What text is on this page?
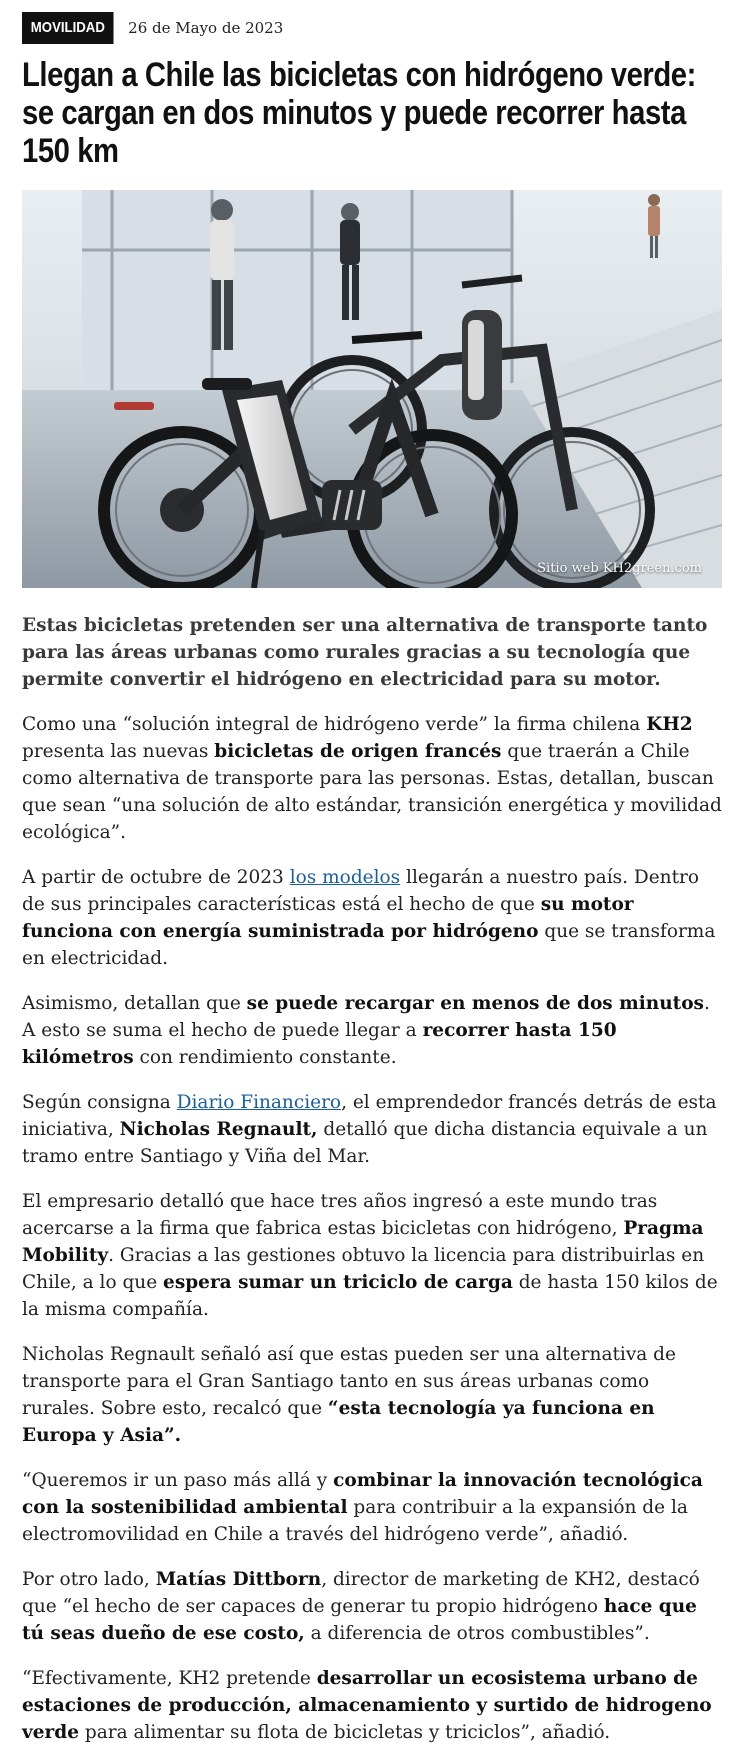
MOVILIDAD	26 de Mayo de 2023
Llegan a Chile las bicicletas con hidrógeno verde: se cargan en dos minutos y puede recorrer hasta 150 km
Sitio web KH2green.com

Estas bicicletas pretenden ser una alternativa de transporte tanto para las áreas urbanas como rurales gracias a su tecnología que permite convertir el hidrógeno en electricidad para su motor.

Como una “solución integral de hidrógeno verde” la firma chilena KH2 presenta las nuevas bicicletas de origen francés que traerán a Chile como alternativa de transporte para las personas. Estas, detallan, buscan que sean “una solución de alto estándar, transición energética y movilidad ecológica”.

A partir de octubre de 2023 los modelos llegarán a nuestro país. Dentro de sus principales características está el hecho de que su motor funciona con energía suministrada por hidrógeno que se transforma en electricidad.

Asimismo, detallan que se puede recargar en menos de dos minutos. A esto se suma el hecho de puede llegar a recorrer hasta 150 kilómetros con rendimiento constante.

Según consigna Diario Financiero, el emprendedor francés detrás de esta iniciativa, Nicholas Regnault, detalló que dicha distancia equivale a un tramo entre Santiago y Viña del Mar.

El empresario detalló que hace tres años ingresó a este mundo tras acercarse a la firma que fabrica estas bicicletas con hidrógeno, Pragma Mobility. Gracias a las gestiones obtuvo la licencia para distribuirlas en Chile, a lo que espera sumar un triciclo de carga de hasta 150 kilos de la misma compañía.

Nicholas Regnault señaló así que estas pueden ser una alternativa de transporte para el Gran Santiago tanto en sus áreas urbanas como rurales. Sobre esto, recalcó que “esta tecnología ya funciona en Europa y Asia”.

“Queremos ir un paso más allá y combinar la innovación tecnológica con la sostenibilidad ambiental para contribuir a la expansión de la electromovilidad en Chile a través del hidrógeno verde”, añadió.

Por otro lado, Matías Dittborn, director de marketing de KH2, destacó que “el hecho de ser capaces de generar tu propio hidrógeno hace que tú seas dueño de ese costo, a diferencia de otros combustibles”.

“Efectivamente, KH2 pretende desarrollar un ecosistema urbano de estaciones de producción, almacenamiento y surtido de hidrogeno verde para alimentar su flota de bicicletas y triciclos”, añadió.
